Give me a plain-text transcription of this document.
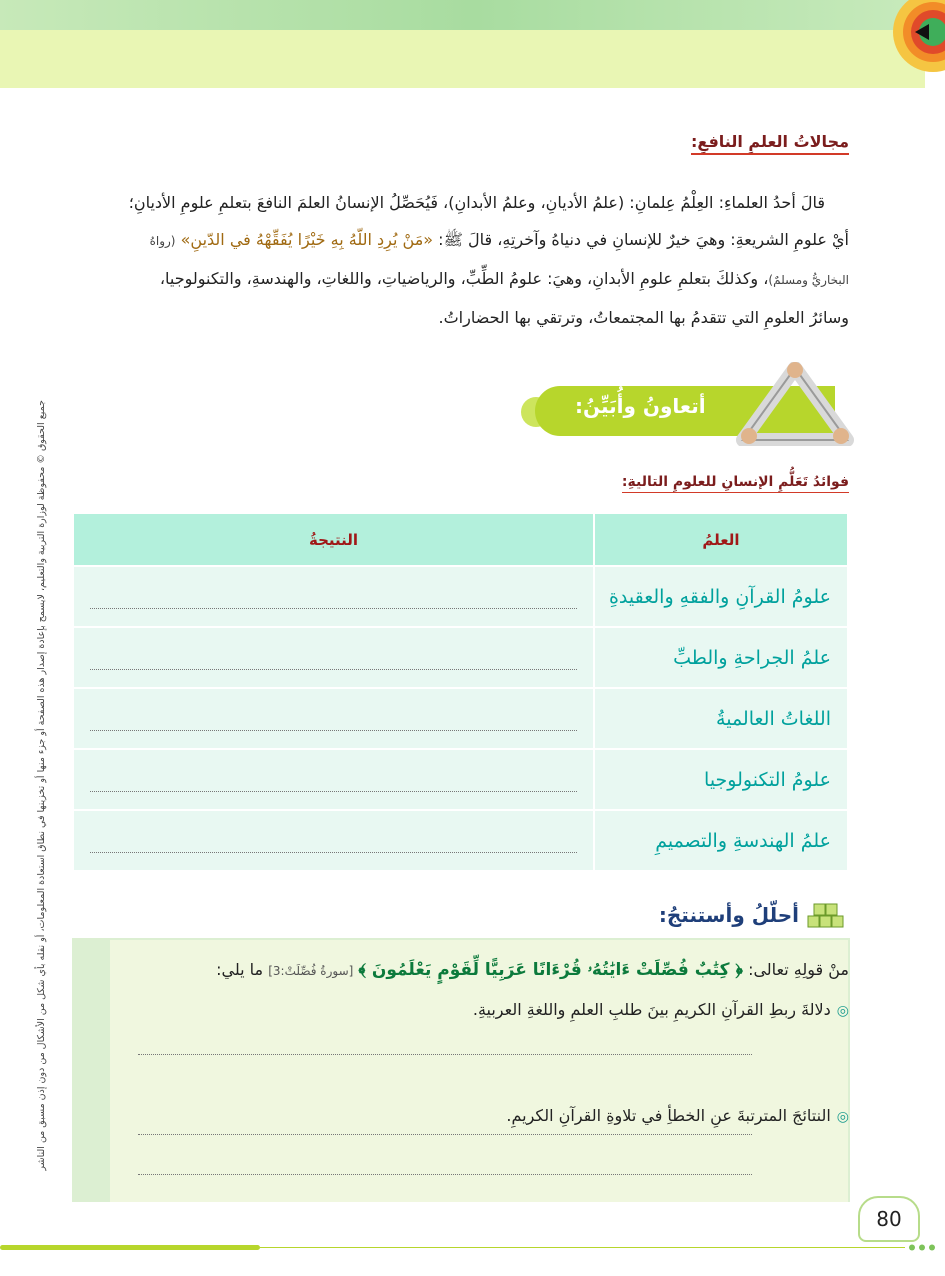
جميع الحقوق © محفوظة لوزارة التربية والتعليم، لايسمح بإعادة إصدار هذه الصفحة أو جزء منها أو تخزينها في نطاق استعادة المعلومات، أو نقله بأي شكل من الأشكال من دون إذن مسبق من الناشر
مجالاتُ العلمِ النافعِ:
قالَ أحدُ العلماءِ: العِلْمُ عِلمانِ: (علمُ الأديانِ، وعلمُ الأبدانِ)، فَيُحَصِّلُ الإنسانُ العلمَ النافعَ بتعلمِ علومِ الأديانِ؛
أيْ علومِ الشريعةِ: وهيَ خيرٌ للإنسانِ في دنياهُ وآخرتِهِ، قالَ ﷺ: «مَنْ يُرِدِ اللّهُ بِهِ خَيْرًا يُفَقِّهْهُ في الدّينِ» (رواهُ
البخاريُّ ومسلمٌ)، وكذلكَ بتعلمِ علومِ الأبدانِ، وهيَ: علومُ الطِّبِّ، والرياضياتِ، واللغاتِ، والهندسةِ، والتكنولوجيا،
وسائرُ العلومِ التي تتقدمُ بها المجتمعاتُ، وترتقي بها الحضاراتُ.
أتعاونُ وأُبَيِّنُ:
فوائدُ تَعَلُّمِ الإنسانِ للعلومِ التاليةِ:
العلمُ	النتيجةُ
علومُ القرآنِ والفقهِ والعقيدةِ	

علمُ الجراحةِ والطبِّ	

اللغاتُ العالميةُ	

علومُ التكنولوجيا	

علمُ الهندسةِ والتصميمِ	
أحلّلُ وأستنتجُ:
منْ قولِهِ تعالى: ﴿ كِتَٰبٌ فُصِّلَتْ ءَايَٰتُهُۥ قُرْءَانًا عَرَبِيًّا لِّقَوْمٍ يَعْلَمُونَ ﴾ [سورةُ فُصِّلَتْ:3] ما يلي:
◎دلالةَ ربطِ القرآنِ الكريمِ بينَ طلبِ العلمِ واللغةِ العربيةِ.
◎النتائجَ المترتبةَ عنِ الخطأِ في تلاوةِ القرآنِ الكريمِ.
80
